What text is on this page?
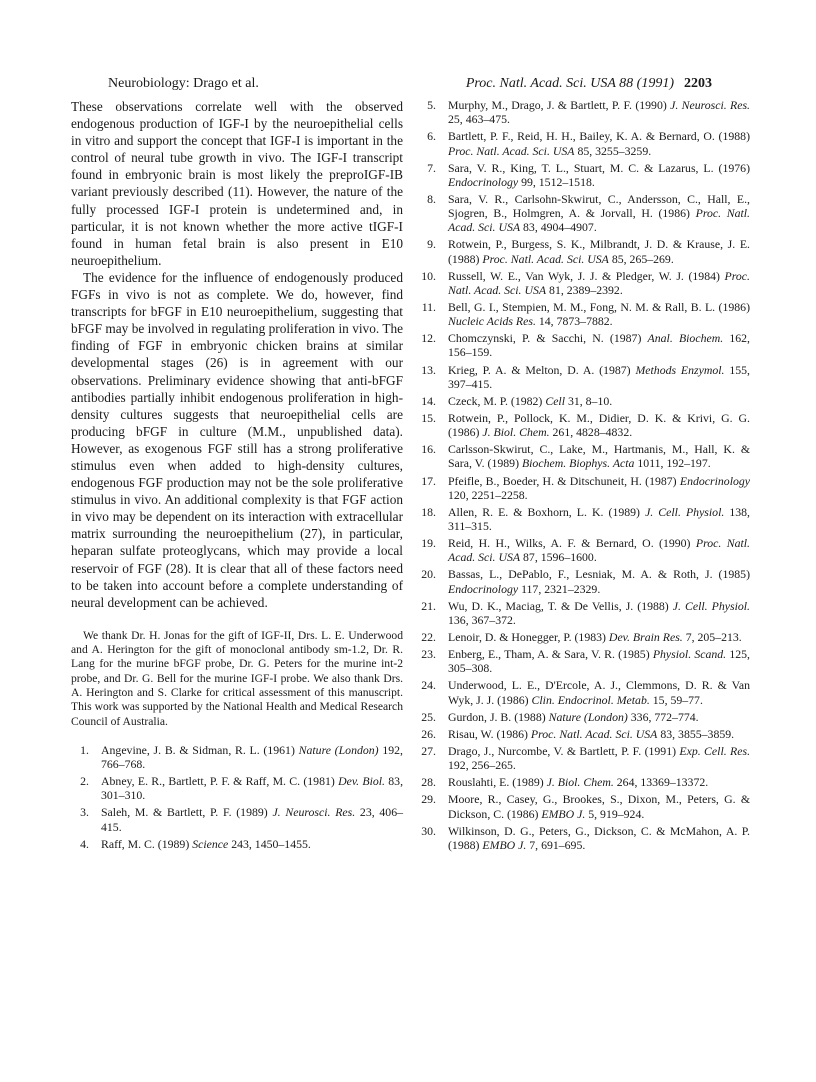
Neurobiology: Drago et al.	Proc. Natl. Acad. Sci. USA 88 (1991) 2203

These observations correlate well with the observed endogenous production of IGF-I by the neuroepithelial cells in vitro and support the concept that IGF-I is important in the control of neural tube growth in vivo. The IGF-I transcript found in embryonic brain is most likely the preproIGF-IB variant previously described (11). However, the nature of the fully processed IGF-I protein is undetermined and, in particular, it is not known whether the more active tIGF-I found in human fetal brain is also present in E10 neuroepithelium.

The evidence for the influence of endogenously produced FGFs in vivo is not as complete. We do, however, find transcripts for bFGF in E10 neuroepithelium, suggesting that bFGF may be involved in regulating proliferation in vivo. The finding of FGF in embryonic chicken brains at similar developmental stages (26) is in agreement with our observations. Preliminary evidence showing that anti-bFGF antibodies partially inhibit endogenous proliferation in high-density cultures suggests that neuroepithelial cells are producing bFGF in culture (M.M., unpublished data). However, as exogenous FGF still has a strong proliferative stimulus even when added to high-density cultures, endogenous FGF production may not be the sole proliferative stimulus in vivo. An additional complexity is that FGF action in vivo may be dependent on its interaction with extracellular matrix surrounding the neuroepithelium (27), in particular, heparan sulfate proteoglycans, which may provide a local reservoir of FGF (28). It is clear that all of these factors need to be taken into account before a complete understanding of neural development can be achieved.

We thank Dr. H. Jonas for the gift of IGF-II, Drs. L. E. Underwood and A. Herington for the gift of monoclonal antibody sm-1.2, Dr. R. Lang for the murine bFGF probe, Dr. G. Peters for the murine int-2 probe, and Dr. G. Bell for the murine IGF-I probe. We also thank Drs. A. Herington and S. Clarke for critical assessment of this manuscript. This work was supported by the National Health and Medical Research Council of Australia.
1. Angevine, J. B. & Sidman, R. L. (1961) Nature (London) 192, 766–768.
2. Abney, E. R., Bartlett, P. F. & Raff, M. C. (1981) Dev. Biol. 83, 301–310.
3. Saleh, M. & Bartlett, P. F. (1989) J. Neurosci. Res. 23, 406–415.
4. Raff, M. C. (1989) Science 243, 1450–1455.
5. Murphy, M., Drago, J. & Bartlett, P. F. (1990) J. Neurosci. Res. 25, 463–475.
6. Bartlett, P. F., Reid, H. H., Bailey, K. A. & Bernard, O. (1988) Proc. Natl. Acad. Sci. USA 85, 3255–3259.
7. Sara, V. R., King, T. L., Stuart, M. C. & Lazarus, L. (1976) Endocrinology 99, 1512–1518.
8. Sara, V. R., Carlsohn-Skwirut, C., Andersson, C., Hall, E., Sjogren, B., Holmgren, A. & Jorvall, H. (1986) Proc. Natl. Acad. Sci. USA 83, 4904–4907.
9. Rotwein, P., Burgess, S. K., Milbrandt, J. D. & Krause, J. E. (1988) Proc. Natl. Acad. Sci. USA 85, 265–269.
10. Russell, W. E., Van Wyk, J. J. & Pledger, W. J. (1984) Proc. Natl. Acad. Sci. USA 81, 2389–2392.
11. Bell, G. I., Stempien, M. M., Fong, N. M. & Rall, B. L. (1986) Nucleic Acids Res. 14, 7873–7882.
12. Chomczynski, P. & Sacchi, N. (1987) Anal. Biochem. 162, 156–159.
13. Krieg, P. A. & Melton, D. A. (1987) Methods Enzymol. 155, 397–415.
14. Czeck, M. P. (1982) Cell 31, 8–10.
15. Rotwein, P., Pollock, K. M., Didier, D. K. & Krivi, G. G. (1986) J. Biol. Chem. 261, 4828–4832.
16. Carlsson-Skwirut, C., Lake, M., Hartmanis, M., Hall, K. & Sara, V. (1989) Biochem. Biophys. Acta 1011, 192–197.
17. Pfeifle, B., Boeder, H. & Ditschuneit, H. (1987) Endocrinology 120, 2251–2258.
18. Allen, R. E. & Boxhorn, L. K. (1989) J. Cell. Physiol. 138, 311–315.
19. Reid, H. H., Wilks, A. F. & Bernard, O. (1990) Proc. Natl. Acad. Sci. USA 87, 1596–1600.
20. Bassas, L., DePablo, F., Lesniak, M. A. & Roth, J. (1985) Endocrinology 117, 2321–2329.
21. Wu, D. K., Maciag, T. & De Vellis, J. (1988) J. Cell. Physiol. 136, 367–372.
22. Lenoir, D. & Honegger, P. (1983) Dev. Brain Res. 7, 205–213.
23. Enberg, E., Tham, A. & Sara, V. R. (1985) Physiol. Scand. 125, 305–308.
24. Underwood, L. E., D'Ercole, A. J., Clemmons, D. R. & Van Wyk, J. J. (1986) Clin. Endocrinol. Metab. 15, 59–77.
25. Gurdon, J. B. (1988) Nature (London) 336, 772–774.
26. Risau, W. (1986) Proc. Natl. Acad. Sci. USA 83, 3855–3859.
27. Drago, J., Nurcombe, V. & Bartlett, P. F. (1991) Exp. Cell. Res. 192, 256–265.
28. Rouslahti, E. (1989) J. Biol. Chem. 264, 13369–13372.
29. Moore, R., Casey, G., Brookes, S., Dixon, M., Peters, G. & Dickson, C. (1986) EMBO J. 5, 919–924.
30. Wilkinson, D. G., Peters, G., Dickson, C. & McMahon, A. P. (1988) EMBO J. 7, 691–695.
